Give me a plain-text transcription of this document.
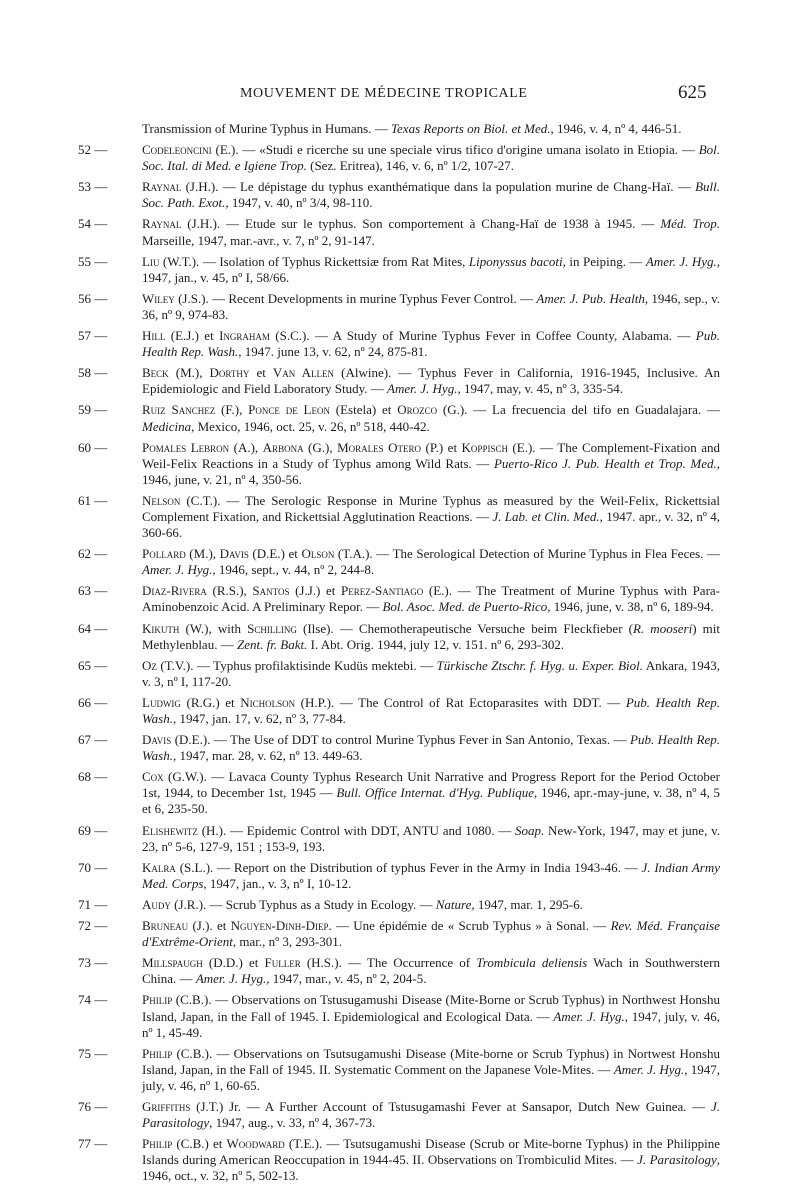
MOUVEMENT DE MÉDECINE TROPICALE	625
Transmission of Murine Typhus in Humans. — Texas Reports on Biol. et Med., 1946, v. 4, nº 4, 446-51.
52 —	Codeleoncini (E.). — «Studi e ricerche su une speciale virus tifico d'origine umana isolato in Etiopia. — Bol. Soc. Ital. di Med. e Igiene Trop. (Sez. Eritrea), 146, v. 6, nº 1/2, 107-27.
53 —	Raynal (J.H.). — Le dépistage du typhus exanthématique dans la population murine de Chang-Haï. — Bull. Soc. Path. Exot., 1947, v. 40, nº 3/4, 98-110.
54 —	Raynal (J.H.). — Etude sur le typhus. Son comportement à Chang-Haï de 1938 à 1945. — Méd. Trop. Marseille, 1947, mar.-avr., v. 7, nº 2, 91-147.
55 —	Liu (W.T.). — Isolation of Typhus Rickettsiæ from Rat Mites, Liponyssus bacoti, in Peiping. — Amer. J. Hyg., 1947, jan., v. 45, nº I, 58/66.
56 —	Wiley (J.S.). — Recent Developments in murine Typhus Fever Control. — Amer. J. Pub. Health, 1946, sep., v. 36, nº 9, 974-83.
57 —	Hill (E.J.) et Ingraham (S.C.). — A Study of Murine Typhus Fever in Coffee County, Alabama. — Pub. Health Rep. Wash., 1947. june 13, v. 62, nº 24, 875-81.
58 —	Beck (M.), Dorthy et Van Allen (Alwine). — Typhus Fever in California, 1916-1945, Inclusive. An Epidemiologic and Field Laboratory Study. — Amer. J. Hyg., 1947, may, v. 45, nº 3, 335-54.
59 —	Ruiz Sanchez (F.), Ponce de Leon (Estela) et Orozco (G.). — La frecuencia del tifo en Guadalajara. — Medicina, Mexico, 1946, oct. 25, v. 26, nº 518, 440-42.
60 —	Pomales Lebron (A.), Arbona (G.), Morales Otero (P.) et Koppisch (E.). — The Complement-Fixation and Weil-Felix Reactions in a Study of Typhus among Wild Rats. — Puerto-Rico J. Pub. Health et Trop. Med., 1946, june, v. 21, nº 4, 350-56.
61 —	Nelson (C.T.). — The Serologic Response in Murine Typhus as measured by the Weil-Felix, Rickettsial Complement Fixation, and Rickettsial Agglutination Reactions. — J. Lab. et Clin. Med., 1947. apr., v. 32, nº 4, 360-66.
62 —	Pollard (M.), Davis (D.E.) et Olson (T.A.). — The Serological Detection of Murine Typhus in Flea Feces. — Amer. J. Hyg., 1946, sept., v. 44, nº 2, 244-8.
63 —	Diaz-Rivera (R.S.), Santos (J.J.) et Perez-Santiago (E.). — The Treatment of Murine Typhus with Para-Aminobenzoic Acid. A Preliminary Repor. — Bol. Asoc. Med. de Puerto-Rico, 1946, june, v. 38, nº 6, 189-94.
64 —	Kikuth (W.), with Schilling (Ilse). — Chemotherapeutische Versuche beim Fleckfieber (R. mooseri) mit Methylenblau. — Zent. fr. Bakt. I. Abt. Orig. 1944, july 12, v. 151. nº 6, 293-302.
65 —	Oz (T.V.). — Typhus profilaktisinde Kudüs mektebi. — Türkische Ztschr. f. Hyg. u. Exper. Biol. Ankara, 1943, v. 3, nº I, 117-20.
66 —	Ludwig (R.G.) et Nicholson (H.P.). — The Control of Rat Ectoparasites with DDT. — Pub. Health Rep. Wash., 1947, jan. 17, v. 62, nº 3, 77-84.
67 —	Davis (D.E.). — The Use of DDT to control Murine Typhus Fever in San Antonio, Texas. — Pub. Health Rep. Wash., 1947, mar. 28, v. 62, nº 13. 449-63.
68 —	Cox (G.W.). — Lavaca County Typhus Research Unit Narrative and Progress Report for the Period October 1st, 1944, to December 1st, 1945 — Bull. Office Internat. d'Hyg. Publique, 1946, apr.-may-june, v. 38, nº 4, 5 et 6, 235-50.
69 —	Elishewitz (H.). — Epidemic Control with DDT, ANTU and 1080. — Soap. New-York, 1947, may et june, v. 23, nº 5-6, 127-9, 151 ; 153-9, 193.
70 —	Kalra (S.L.). — Report on the Distribution of typhus Fever in the Army in India 1943-46. — J. Indian Army Med. Corps, 1947, jan., v. 3, nº I, 10-12.
71 —	Audy (J.R.). — Scrub Typhus as a Study in Ecology. — Nature, 1947, mar. 1, 295-6.
72 —	Bruneau (J.). et Nguyen-Dinh-Diep. — Une épidémie de « Scrub Typhus » à Sonal. — Rev. Méd. Française d'Extrême-Orient, mar., nº 3, 293-301.
73 —	Millspaugh (D.D.) et Fuller (H.S.). — The Occurrence of Trombicula deliensis Wach in Southwerstern China. — Amer. J. Hyg., 1947, mar., v. 45, nº 2, 204-5.
74 —	Philip (C.B.). — Observations on Tstusugamushi Disease (Mite-Borne or Scrub Typhus) in Northwest Honshu Island, Japan, in the Fall of 1945. I. Epidemiological and Ecological Data. — Amer. J. Hyg., 1947, july, v. 46, nº 1, 45-49.
75 —	Philip (C.B.). — Observations on Tsutsugamushi Disease (Mite-borne or Scrub Typhus) in Nortwest Honshu Island, Japan, in the Fall of 1945. II. Systematic Comment on the Japanese Vole-Mites. — Amer. J. Hyg., 1947, july, v. 46, nº 1, 60-65.
76 —	Griffiths (J.T.) Jr. — A Further Account of Tstusugamashi Fever at Sansapor, Dutch New Guinea. — J. Parasitology, 1947, aug., v. 33, nº 4, 367-73.
77 —	Philip (C.B.) et Woodward (T.E.). — Tsutsugamushi Disease (Scrub or Mite-borne Typhus) in the Philippine Islands during American Reoccupation in 1944-45. II. Observations on Trombiculid Mites. — J. Parasitology, 1946, oct., v. 32, nº 5, 502-13.
